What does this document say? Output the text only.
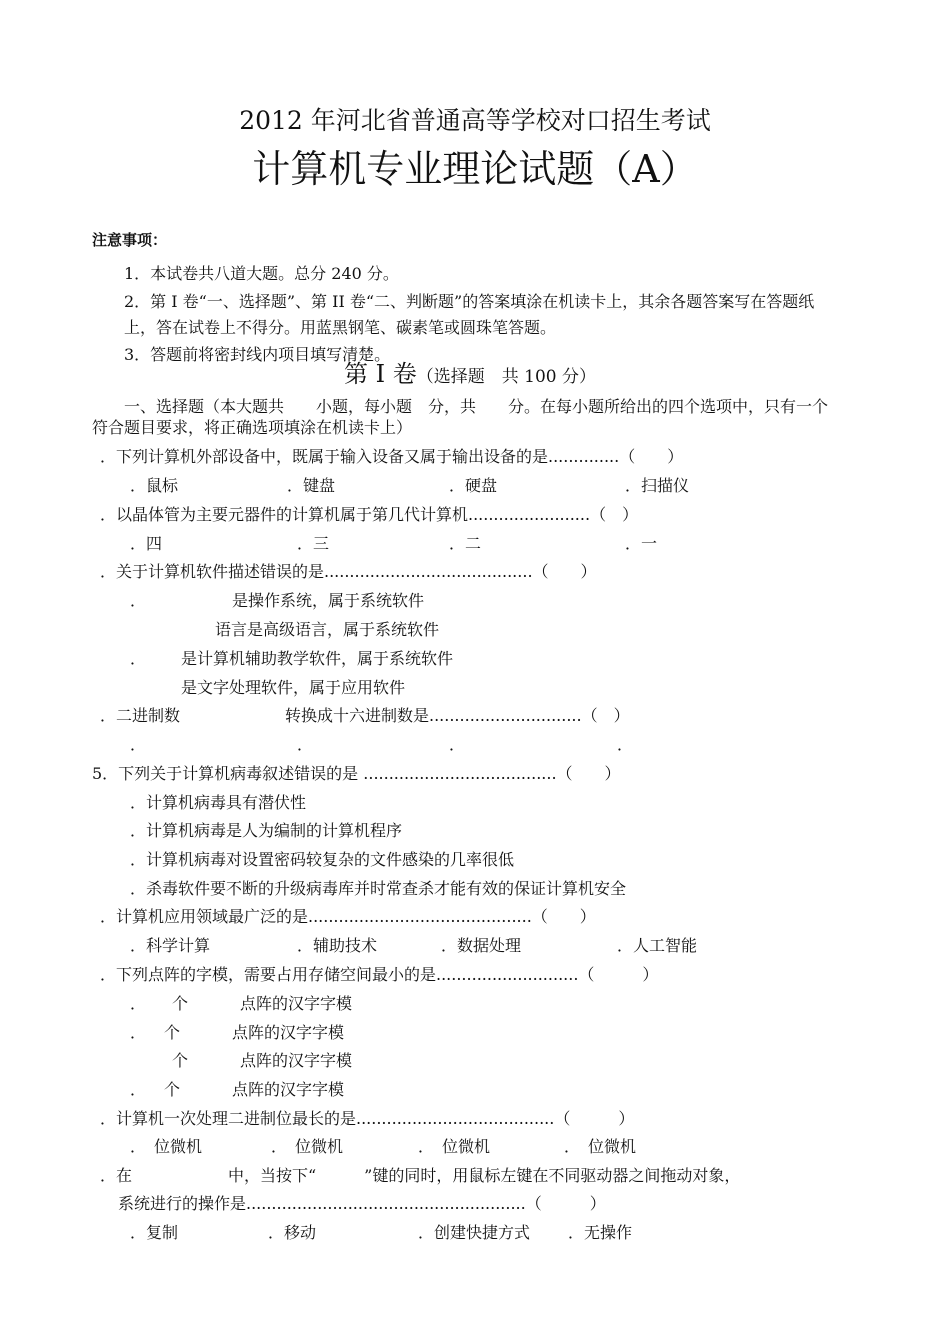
2012 年河北省普通高等学校对口招生考试
计算机专业理论试题（A）
注意事项：
1．本试卷共八道大题。总分 240 分。
2．第 I 卷“一、选择题”、第 II 卷“二、判断题”的答案填涂在机读卡上，其余各题答案写在答题纸
上，答在试卷上不得分。用蓝黑钢笔、碳素笔或圆珠笔答题。
3．答题前将密封线内项目填写清楚。
第 I 卷（选择题　共 100 分）
一、选择题（本大题共　　小题，每小题　分，共　　分。在每小题所给出的四个选项中，只有一个
符合题目要求，将正确选项填涂在机读卡上）
．下列计算机外部设备中，既属于输入设备又属于输出设备的是..............（　　）
．鼠标	．键盘	．硬盘	．扫描仪
．以晶体管为主要元器件的计算机属于第几代计算机........................（　）
．四	．三	．二	．一
．关于计算机软件描述错误的是.........................................（　　）
．	是操作系统，属于系统软件
语言是高级语言，属于系统软件
． 是计算机辅助教学软件，属于系统软件
是文字处理软件，属于应用软件
．二进制数	转换成十六进制数是..............................（　）
．	．	．	．
5．下列关于计算机病毒叙述错误的是 ......................................（　　）
．计算机病毒具有潜伏性
．计算机病毒是人为编制的计算机程序
．计算机病毒对设置密码较复杂的文件感染的几率很低
．杀毒软件要不断的升级病毒库并时常查杀才能有效的保证计算机安全
．计算机应用领域最广泛的是............................................（　　）
．科学计算	．辅助技术	．数据处理	．人工智能
．下列点阵的字模，需要占用存储空间最小的是............................（　　　）
． 个	点阵的汉字字模
． 个	点阵的汉字字模
个	点阵的汉字字模
． 个	点阵的汉字字模
．计算机一次处理二进制位最长的是.......................................（　　　）
．　位微机	．　位微机	．　位微机	．　位微机
．在	中，当按下“　　　”键的同时，用鼠标左键在不同驱动器之间拖动对象，
系统进行的操作是.......................................................（　　　）
．复制	．移动	．创建快捷方式 ．无操作
